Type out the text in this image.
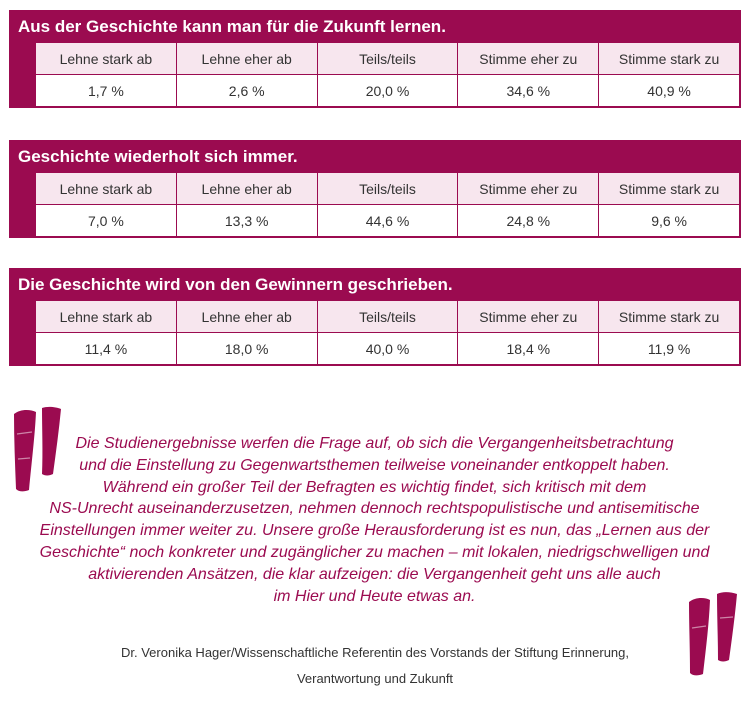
Aus der Geschichte kann man für die Zukunft lernen.
Lehne stark ab	Lehne eher ab	Teils/teils	Stimme eher zu	Stimme stark zu
1,7 %	2,6 %	20,0 %	34,6 %	40,9 %
Geschichte wiederholt sich immer.
Lehne stark ab	Lehne eher ab	Teils/teils	Stimme eher zu	Stimme stark zu
7,0 %	13,3 %	44,6 %	24,8 %	9,6 %
Die Geschichte wird von den Gewinnern geschrieben.
Lehne stark ab	Lehne eher ab	Teils/teils	Stimme eher zu	Stimme stark zu
11,4 %	18,0 %	40,0 %	18,4 %	11,9 %

Die Studienergebnisse werfen die Frage auf, ob sich die Vergangenheitsbetrachtung
und die Einstellung zu Gegenwartsthemen teilweise voneinander entkoppelt haben.
Während ein großer Teil der Befragten es wichtig findet, sich kritisch mit dem
NS-Unrecht auseinanderzusetzen, nehmen dennoch rechtspopulistische und antisemitische
Einstellungen immer weiter zu. Unsere große Herausforderung ist es nun, das „Lernen aus der
Geschichte“ noch konkreter und zugänglicher zu machen – mit lokalen, niedrigschwelligen und
aktivierenden Ansätzen, die klar aufzeigen: die Vergangenheit geht uns alle auch
im Hier und Heute etwas an.

Dr. Veronika Hager/Wissenschaftliche Referentin des Vorstands der Stiftung Erinnerung,
Verantwortung und Zukunft
